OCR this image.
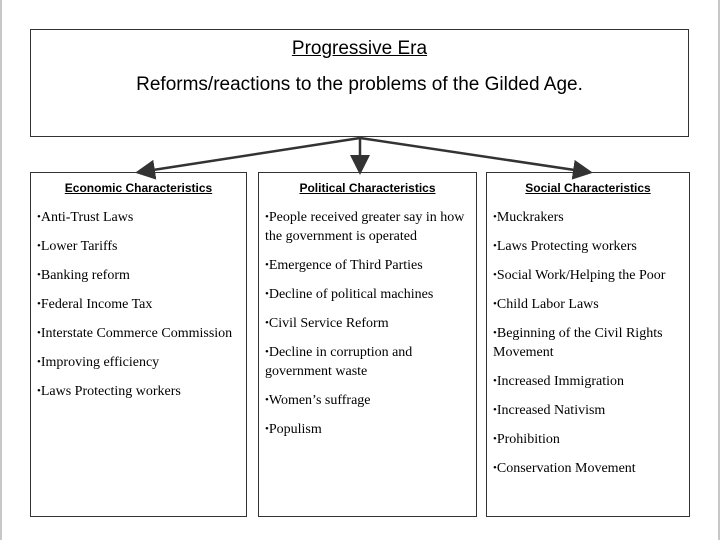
Progressive Era
Reforms/reactions to the problems of the Gilded Age.
Economic Characteristics
•Anti-Trust Laws
•Lower Tariffs
•Banking reform
•Federal Income Tax
•Interstate Commerce Commission
•Improving efficiency
•Laws Protecting workers
Political Characteristics
•People received greater say in how the government is operated
•Emergence of Third Parties
•Decline of political machines
•Civil Service Reform
•Decline in corruption and government waste
•Women’s suffrage
•Populism
Social Characteristics
•Muckrakers
•Laws Protecting workers
•Social Work/Helping the Poor
•Child Labor Laws
•Beginning of the Civil Rights Movement
•Increased Immigration
•Increased Nativism
•Prohibition
•Conservation Movement
